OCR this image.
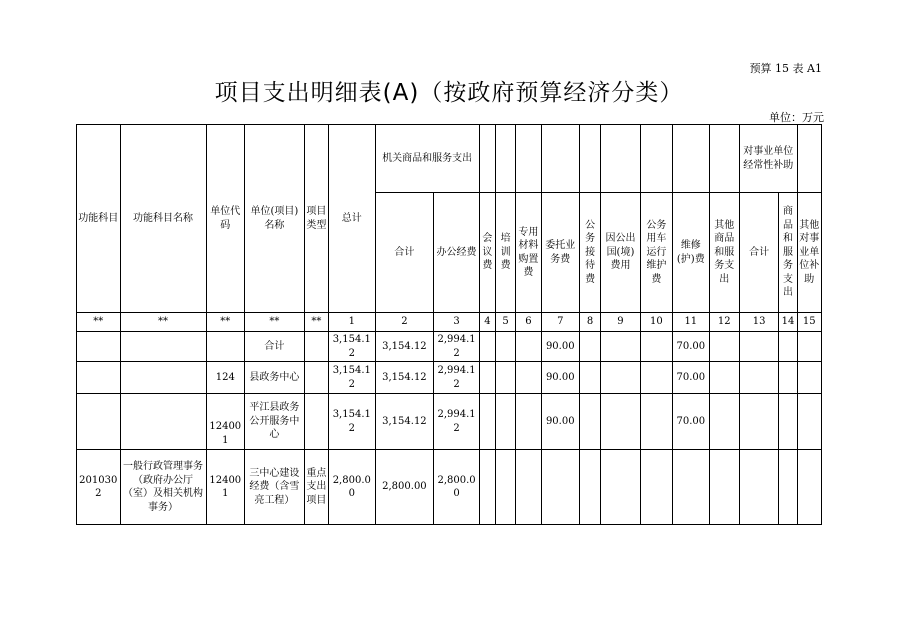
预算 15 表 A1
项目支出明细表(A)（按政府预算经济分类）
单位：万元
功能科目	功能科目名称	单位代码	单位(项目)名称	项目类型	总计	机关商品和服务支出											对事业单位经常性补助		
						合计	办公经费	会议费	培训费	专用材料购置费	委托业务费	公务接待费	因公出国(境)费用	公务用车运行维护费	维修(护)费	其他商品和服务支出	合计	商品和服务支出	其他对事业单位补助
**	**	**	**	**	1	2	3	4	5	6	7	8	9	10	11	12	13	14	15
			合计		3,154.12	3,154.12	2,994.12				90.00				70.00				
		124	县政务中心		3,154.12	3,154.12	2,994.12				90.00				70.00				
		124001	平江县政务公开服务中心		3,154.12	3,154.12	2,994.12				90.00				70.00				
2010302	一般行政管理事务（政府办公厅（室）及相关机构事务）	124001	三中心建设经费（含雪亮工程）	重点支出项目	2,800.00	2,800.00	2,800.00												
